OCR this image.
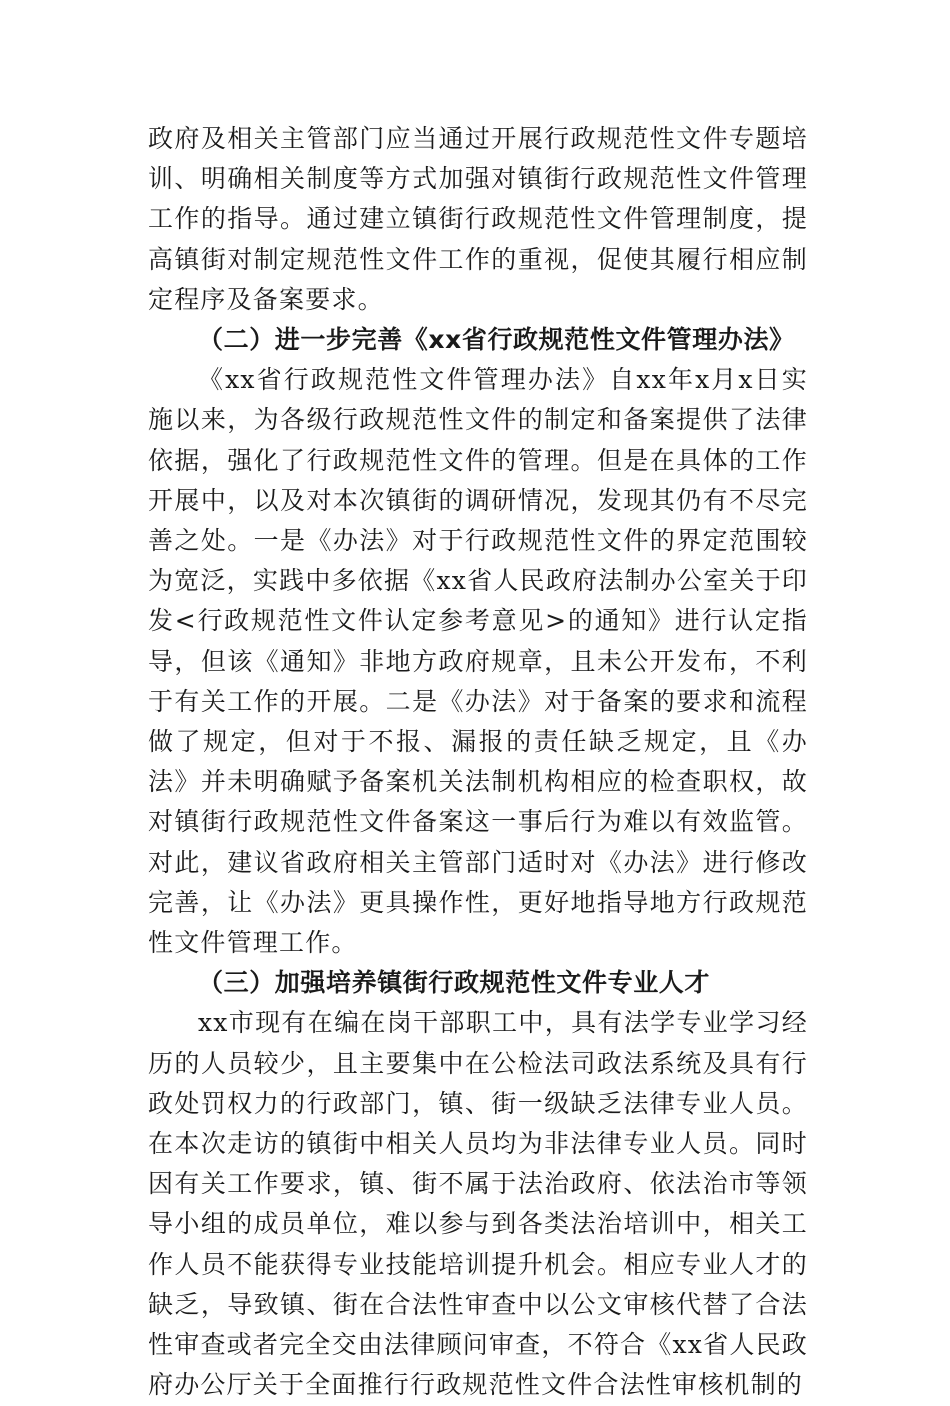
政府及相关主管部门应当通过开展行政规范性文件专题培训、明确相关制度等方式加强对镇街行政规范性文件管理工作的指导。通过建立镇街行政规范性文件管理制度，提高镇街对制定规范性文件工作的重视，促使其履行相应制定程序及备案要求。

（二）进一步完善《xx省行政规范性文件管理办法》

《xx省行政规范性文件管理办法》自xx年x月x日实施以来，为各级行政规范性文件的制定和备案提供了法律依据，强化了行政规范性文件的管理。但是在具体的工作开展中，以及对本次镇街的调研情况，发现其仍有不尽完善之处。一是《办法》对于行政规范性文件的界定范围较为宽泛，实践中多依据《xx省人民政府法制办公室关于印发<行政规范性文件认定参考意见>的通知》进行认定指导，但该《通知》非地方政府规章，且未公开发布，不利于有关工作的开展。二是《办法》对于备案的要求和流程做了规定，但对于不报、漏报的责任缺乏规定，且《办法》并未明确赋予备案机关法制机构相应的检查职权，故对镇街行政规范性文件备案这一事后行为难以有效监管。对此，建议省政府相关主管部门适时对《办法》进行修改完善，让《办法》更具操作性，更好地指导地方行政规范性文件管理工作。

（三）加强培养镇街行政规范性文件专业人才

xx市现有在编在岗干部职工中，具有法学专业学习经历的人员较少，且主要集中在公检法司政法系统及具有行政处罚权力的行政部门，镇、街一级缺乏法律专业人员。在本次走访的镇街中相关人员均为非法律专业人员。同时因有关工作要求，镇、街不属于法治政府、依法治市等领导小组的成员单位，难以参与到各类法治培训中，相关工作人员不能获得专业技能培训提升机会。相应专业人才的缺乏，导致镇、街在合法性审查中以公文审核代替了合法性审查或者完全交由法律顾问审查，不符合《xx省人民政府办公厅关于全面推行行政规范性文件合法性审核机制的
